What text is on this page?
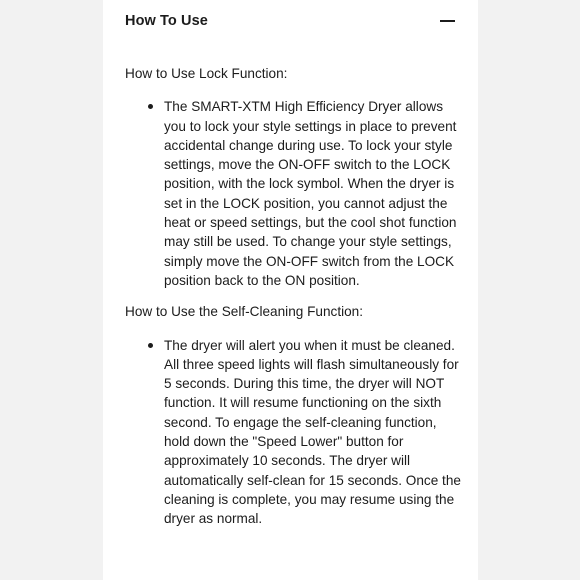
How To Use

How to Use Lock Function:

The SMART-XTM High Efficiency Dryer allows you to lock your style settings in place to prevent accidental change during use. To lock your style settings, move the ON-OFF switch to the LOCK position, with the lock symbol. When the dryer is set in the LOCK position, you cannot adjust the heat or speed settings, but the cool shot function may still be used. To change your style settings, simply move the ON-OFF switch from the LOCK position back to the ON position.

How to Use the Self-Cleaning Function:

The dryer will alert you when it must be cleaned. All three speed lights will flash simultaneously for 5 seconds. During this time, the dryer will NOT function. It will resume functioning on the sixth second. To engage the self-cleaning function, hold down the "Speed Lower" button for approximately 10 seconds. The dryer will automatically self-clean for 15 seconds. Once the cleaning is complete, you may resume using the dryer as normal.
